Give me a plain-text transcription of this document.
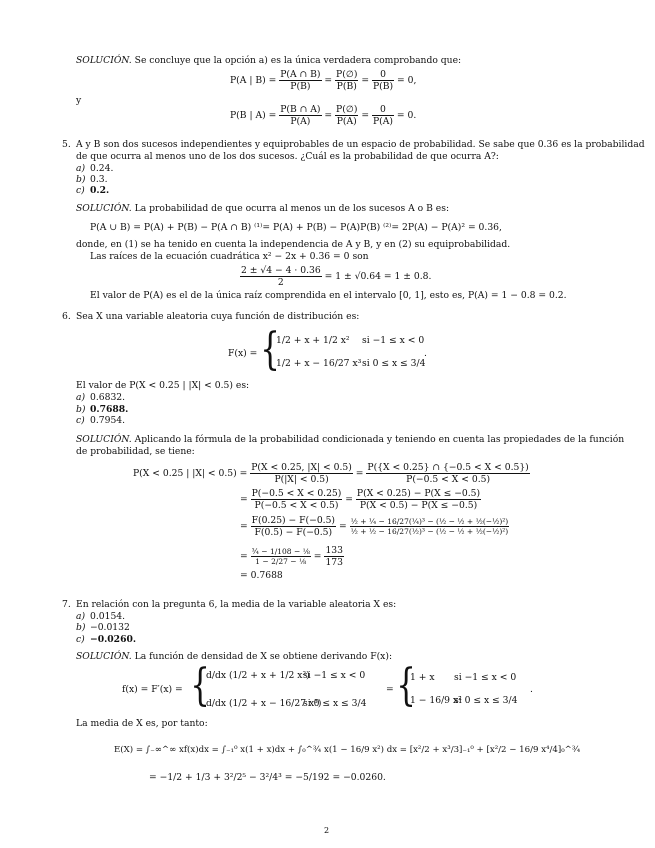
SOLUCIÓN. Se concluye que la opción a) es la única verdadera comprobando que:
P(A | $B) = \frac{P(A \cap B)}{P(B)} = \frac{P(\emptyset)}{P(B)} = \frac{0}{P(B)} = 0$,
y
P(B | $A) = \frac{P(B \cap A)}{P(A)} = \frac{P(\emptyset)}{P(A)} = \frac{0}{P(A)} = 0$.
5. A y B son dos sucesos independientes y equiprobables de un espacio de probabilidad. Se sabe que 0.36 es la probabilidad
de que ocurra al menos uno de los dos sucesos. ¿Cuál es la probabilidad de que ocurra A?:
a) 0.24.
b) 0.3.
c) 0.2.
SOLUCIÓN. La probabilidad de que ocurra al menos un de los sucesos A o B es:
P(A ∪ B) = P(A) + P(B) − P(A ∩ B) ⁽¹⁾= P(A) + P(B) − P(A)P(B) ⁽²⁾= 2P(A) − P(A)² = 0.36,
donde, en (1) se ha tenido en cuenta la independencia de A y B, y en (2) su equiprobabilidad.
Las raíces de la ecuación cuadrática x² − 2x + 0.36 = 0 son
$\frac{2 \pm √4 - 4 \cdot 0.36}{2} = 1 \pm √0.64 = 1 \pm 0.8$.
El valor de P(A) es el de la única raíz comprendida en el intervalo [0, 1], esto es, P(A) = 1 − 0.8 = 0.2.
6. Sea X una variable aleatoria cuya función de distribución es:
F(x) = {
1/2 + x + 1/2 x² si −1 ≤ x < 0
1/2 + x − 16/27 x³ si 0 ≤ x ≤ 3/4
.
El valor de P(X < 0.25 | |X| < 0.5) es:
a) 0.6832.
b) 0.7688.
c) 0.7954.
SOLUCIÓN. Aplicando la fórmula de la probabilidad condicionada y teniendo en cuenta las propiedades de la función
de probabilidad, se tiene:
P(X < 0.25 | $|X| < 0.5) = \frac{P(X < 0.25, |X| < 0.5)}{P(|X| < 0.5)} = \frac{P(\{X < 0.25\} \cap \{-0.5 < X < 0.5\})}{P(-0.5 < X < 0.5)}$
= $\frac{P(-0.5 < X < 0.25)}{P(-0.5 < X < 0.5)} = \frac{P(X < 0.25) - P(X \le -0.5)}{P(X < 0.5) - P(X \le -0.5)}$
= $\frac{F(0.25) - F(-0.5)}{F(0.5) - F(-0.5)} = \frac{\text{½ + ¼ − 16/27(¼)³ − (½ − ½ + ½(−½)²)}}{\text{½ + ½ − 16/27(½)³ − (½ − ½ + ½(−½)²)}}$
= $\frac{\text{¾ − 1/108 − ⅛}}{\text{1 − 2/27 − ⅛}} = \frac{133}{173}$
= 0.7688
7. En relación con la pregunta 6, la media de la variable aleatoria X es:
a) 0.0154.
b) −0.0132
c) −0.0260.
SOLUCIÓN. La función de densidad de X se obtiene derivando F(x):
f(x) = F′(x) = {
d/dx (1/2 + x + 1/2 x²)
si −1 ≤ x < 0
d/dx (1/2 + x − 16/27 x³)
si 0 ≤ x ≤ 3/4
= {
1 + x si −1 ≤ x < 0
1 − 16/9 x²
si 0 ≤ x ≤ 3/4
.
La media de X es, por tanto:
E(X) = ∫₋∞^∞ xf(x)dx = ∫₋₁⁰ x(1 + x)dx + ∫₀^¾ x(1 − 16/9 x²) dx = [x²/2 + x³/3]₋₁⁰ + [x²/2 − 16/9 x⁴/4]₀^¾
= −1/2 + 1/3 + 3²/2⁵ − 3²/4³ = −5/192 = −0.0260.
2
